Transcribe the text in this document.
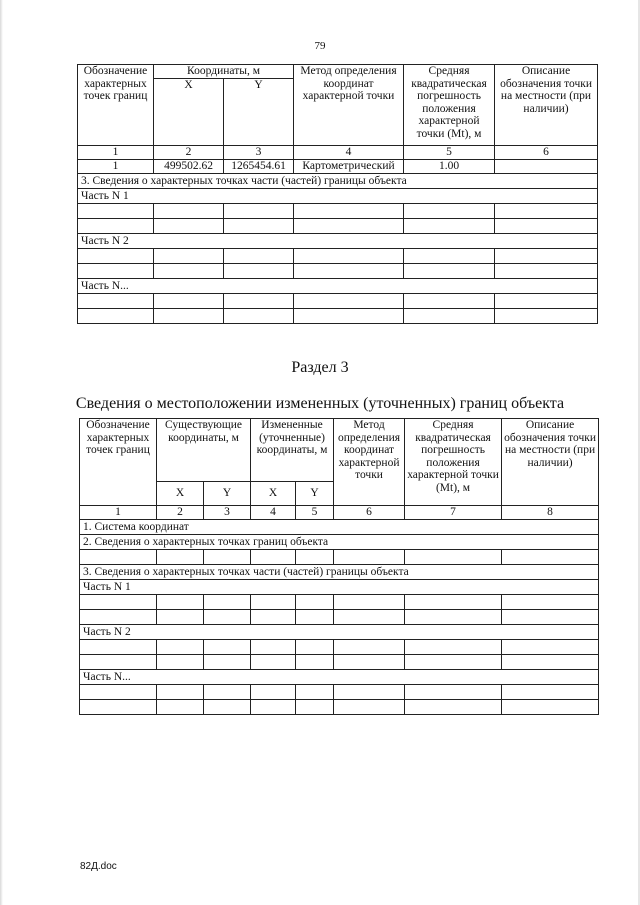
79
Обозначение характерных точек границ	Координаты, м		Метод определения координат характерной точки	Средняя квадратическая погрешность положения характерной точки (Mt), м	Описание обозначения точки на местности (при наличии)
	X	Y			
1	2	3	4	5	6
1	499502.62	1265454.61	Картометрический	1.00	
3. Сведения о характерных точках части (частей) границы объекта					
Часть N 1					

Часть N 2					

Часть N...					

Раздел 3
Сведения о местоположении измененных (уточненных) границ объекта
Обозначение характерных точек границ	Существующие координаты, м		Измененные (уточненные) координаты, м		Метод определения координат характерной точки	Средняя квадратическая погрешность положения характерной точки (Mt), м	Описание обозначения точки на местности (при наличии)
	X	Y	X	Y			
1	2	3	4	5	6	7	8
1. Система координат							
2. Сведения о характерных точках границ объекта							

3. Сведения о характерных точках части (частей) границы объекта							
Часть N 1							

Часть N 2							

Часть N...							

82Д.doc
